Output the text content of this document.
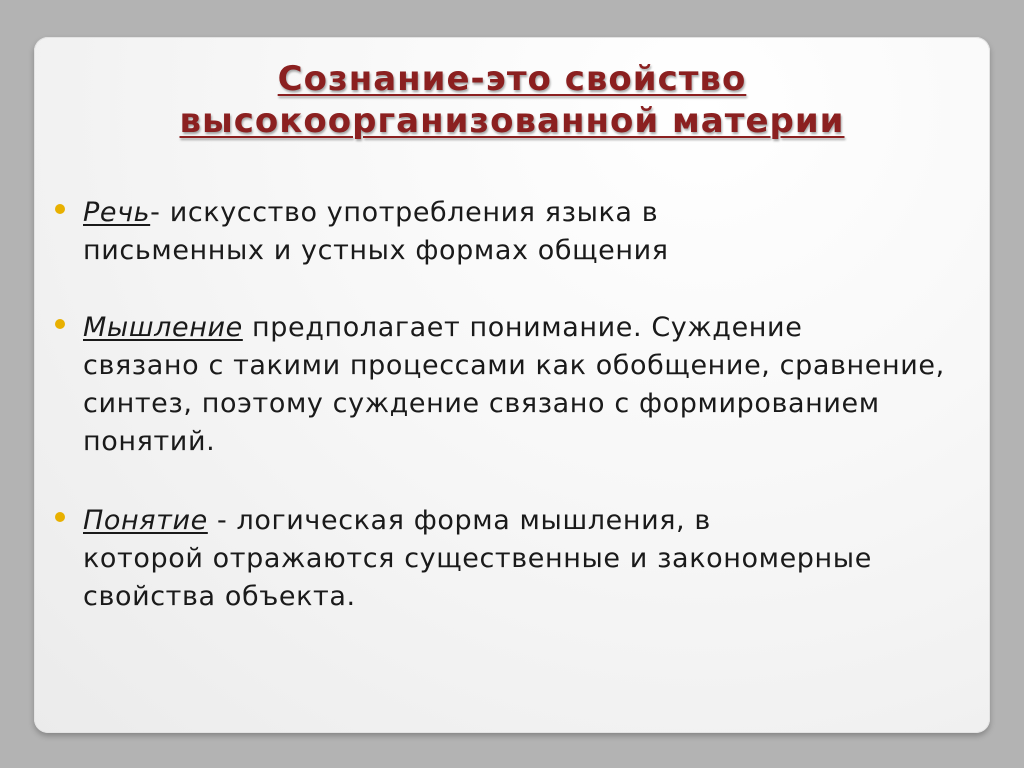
Сознание-это свойство
высокоорганизованной материи
Речь- искусство употребления языка в
письменных и устных формах общения
Мышление предполагает понимание. Суждение
связано с такими процессами как обобщение, сравнение, синтез, поэтому суждение связано с формированием понятий.
Понятие - логическая форма мышления, в
которой отражаются существенные и закономерные свойства объекта.
